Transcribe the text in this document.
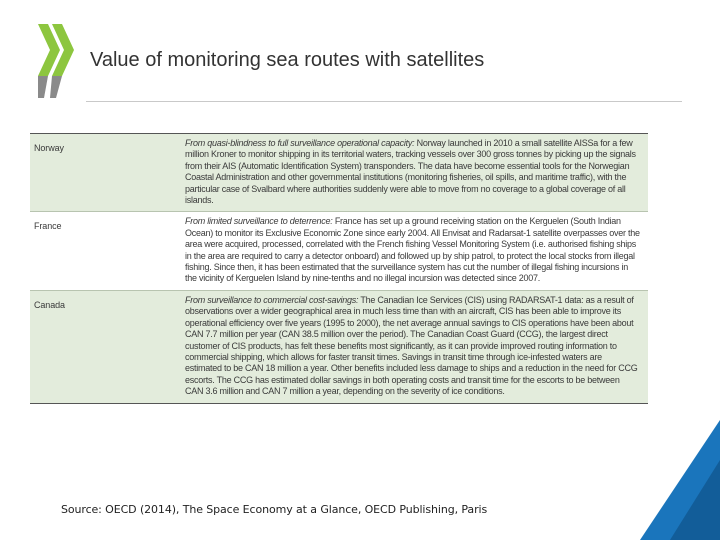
Value of monitoring sea routes with satellites
Norway	From quasi-blindness to full surveillance operational capacity: Norway launched in 2010 a small satellite AISSa for a few million Kroner to monitor shipping in its territorial waters, tracking vessels over 300 gross tonnes by picking up the signals from their AIS (Automatic Identification System) transponders. The data have become essential tools for the Norwegian Coastal Administration and other governmental institutions (monitoring fisheries, oil spills, and maritime traffic), with the particular case of Svalbard where authorities suddenly were able to move from no coverage to a global coverage of all islands.
France	From limited surveillance to deterrence: France has set up a ground receiving station on the Kerguelen (South Indian Ocean) to monitor its Exclusive Economic Zone since early 2004. All Envisat and Radarsat-1 satellite overpasses over the area were acquired, processed, correlated with the French fishing Vessel Monitoring System (i.e. authorised fishing ships in the area are required to carry a detector onboard) and followed up by ship patrol, to protect the local stocks from illegal fishing. Since then, it has been estimated that the surveillance system has cut the number of illegal fishing incursions in the vicinity of Kerguelen Island by nine-tenths and no illegal incursion was detected since 2007.
Canada	From surveillance to commercial cost-savings: The Canadian Ice Services (CIS) using RADARSAT-1 data: as a result of observations over a wider geographical area in much less time than with an aircraft, CIS has been able to improve its operational efficiency over five years (1995 to 2000), the net average annual savings to CIS operations have been about CAN 7.7 million per year (CAN 38.5 million over the period). The Canadian Coast Guard (CCG), the largest direct customer of CIS products, has felt these benefits most significantly, as it can provide improved routing information to commercial shipping, which allows for faster transit times. Savings in transit time through ice-infested waters are estimated to be CAN 18 million a year. Other benefits included less damage to ships and a reduction in the need for CCG escorts. The CCG has estimated dollar savings in both operating costs and transit time for the escorts to be between CAN 3.6 million and CAN 7 million a year, depending on the severity of ice conditions.
Source: OECD (2014), The Space Economy at a Glance, OECD Publishing, Paris
